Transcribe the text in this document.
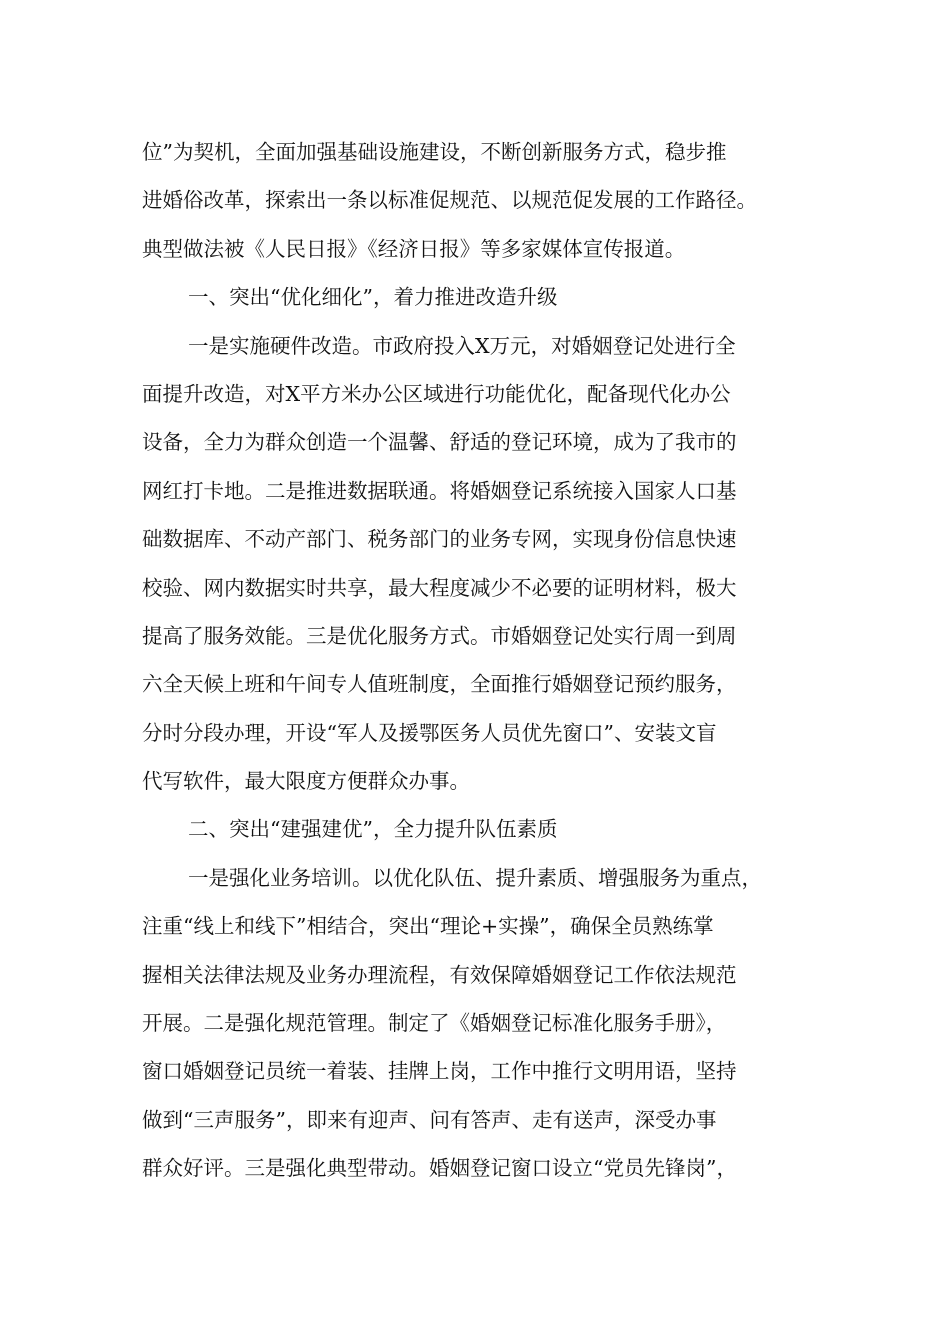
位”为契机，全面加强基础设施建设，不断创新服务方式，稳步推
进婚俗改革，探索出一条以标准促规范、以规范促发展的工作路径。
典型做法被《人民日报》《经济日报》等多家媒体宣传报道。
一、突出“优化细化”，着力推进改造升级
一是实施硬件改造。市政府投入X万元，对婚姻登记处进行全
面提升改造，对X平方米办公区域进行功能优化，配备现代化办公
设备，全力为群众创造一个温馨、舒适的登记环境，成为了我市的
网红打卡地。二是推进数据联通。将婚姻登记系统接入国家人口基
础数据库、不动产部门、税务部门的业务专网，实现身份信息快速
校验、网内数据实时共享，最大程度减少不必要的证明材料，极大
提高了服务效能。三是优化服务方式。市婚姻登记处实行周一到周
六全天候上班和午间专人值班制度，全面推行婚姻登记预约服务，
分时分段办理，开设“军人及援鄂医务人员优先窗口”、安装文盲
代写软件，最大限度方便群众办事。
二、突出“建强建优”，全力提升队伍素质
一是强化业务培训。以优化队伍、提升素质、增强服务为重点，
注重“线上和线下”相结合，突出“理论+实操”，确保全员熟练掌
握相关法律法规及业务办理流程，有效保障婚姻登记工作依法规范
开展。二是强化规范管理。制定了《婚姻登记标准化服务手册》，
窗口婚姻登记员统一着装、挂牌上岗，工作中推行文明用语，坚持
做到“三声服务”，即来有迎声、问有答声、走有送声，深受办事
群众好评。三是强化典型带动。婚姻登记窗口设立“党员先锋岗”，
